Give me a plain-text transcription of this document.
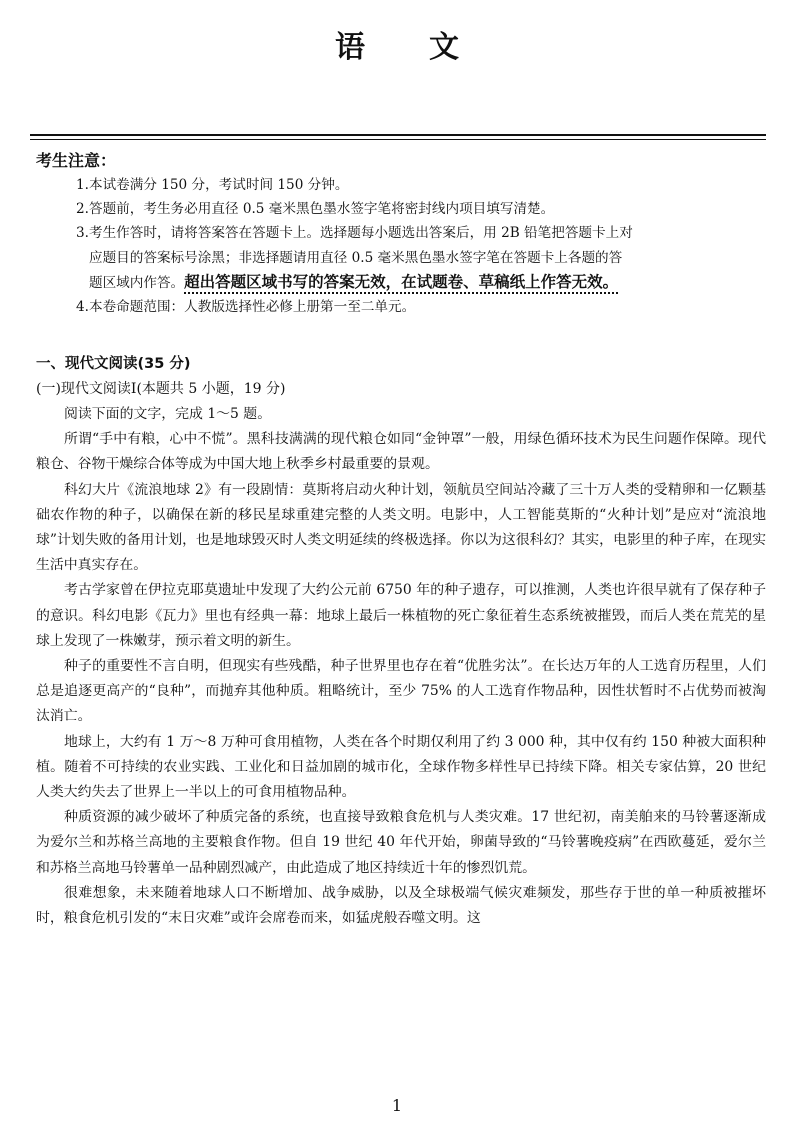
语 文
考生注意：
1.本试卷满分 150 分，考试时间 150 分钟。
2.答题前，考生务必用直径 0.5 毫米黑色墨水签字笔将密封线内项目填写清楚。
3.考生作答时，请将答案答在答题卡上。选择题每小题选出答案后，用 2B 铅笔把答题卡上对
应题目的答案标号涂黑；非选择题请用直径 0.5 毫米黑色墨水签字笔在答题卡上各题的答
题区域内作答。超出答题区域书写的答案无效，在试题卷、草稿纸上作答无效。
4.本卷命题范围：人教版选择性必修上册第一至二单元。
一、现代文阅读(35 分)
(一)现代文阅读Ⅰ(本题共 5 小题，19 分)

阅读下面的文字，完成 1～5 题。

所谓“手中有粮，心中不慌”。黑科技满满的现代粮仓如同“金钟罩”一般，用绿色循环技术为民生问题作保障。现代粮仓、谷物干燥综合体等成为中国大地上秋季乡村最重要的景观。

科幻大片《流浪地球 2》有一段剧情：莫斯将启动火种计划，领航员空间站冷藏了三十万人类的受精卵和一亿颗基础农作物的种子，以确保在新的移民星球重建完整的人类文明。电影中，人工智能莫斯的“火种计划”是应对“流浪地球”计划失败的备用计划，也是地球毁灭时人类文明延续的终极选择。你以为这很科幻？其实，电影里的种子库，在现实生活中真实存在。

考古学家曾在伊拉克耶莫遗址中发现了大约公元前 6750 年的种子遗存，可以推测，人类也许很早就有了保存种子的意识。科幻电影《瓦力》里也有经典一幕：地球上最后一株植物的死亡象征着生态系统被摧毁，而后人类在荒芜的星球上发现了一株嫩芽，预示着文明的新生。

种子的重要性不言自明，但现实有些残酷，种子世界里也存在着“优胜劣汰”。在长达万年的人工选育历程里，人们总是追逐更高产的“良种”，而抛弃其他种质。粗略统计，至少 75% 的人工选育作物品种，因性状暂时不占优势而被淘汰消亡。

地球上，大约有 1 万～8 万种可食用植物，人类在各个时期仅利用了约 3 000 种，其中仅有约 150 种被大面积种植。随着不可持续的农业实践、工业化和日益加剧的城市化，全球作物多样性早已持续下降。相关专家估算，20 世纪人类大约失去了世界上一半以上的可食用植物品种。

种质资源的减少破坏了种质完备的系统，也直接导致粮食危机与人类灾难。17 世纪初，南美舶来的马铃薯逐渐成为爱尔兰和苏格兰高地的主要粮食作物。但自 19 世纪 40 年代开始，卵菌导致的“马铃薯晚疫病”在西欧蔓延，爱尔兰和苏格兰高地马铃薯单一品种剧烈减产，由此造成了地区持续近十年的惨烈饥荒。

很难想象，未来随着地球人口不断增加、战争威胁，以及全球极端气候灾难频发，那些存于世的单一种质被摧坏时，粮食危机引发的“末日灾难”或许会席卷而来，如猛虎般吞噬文明。这

1
